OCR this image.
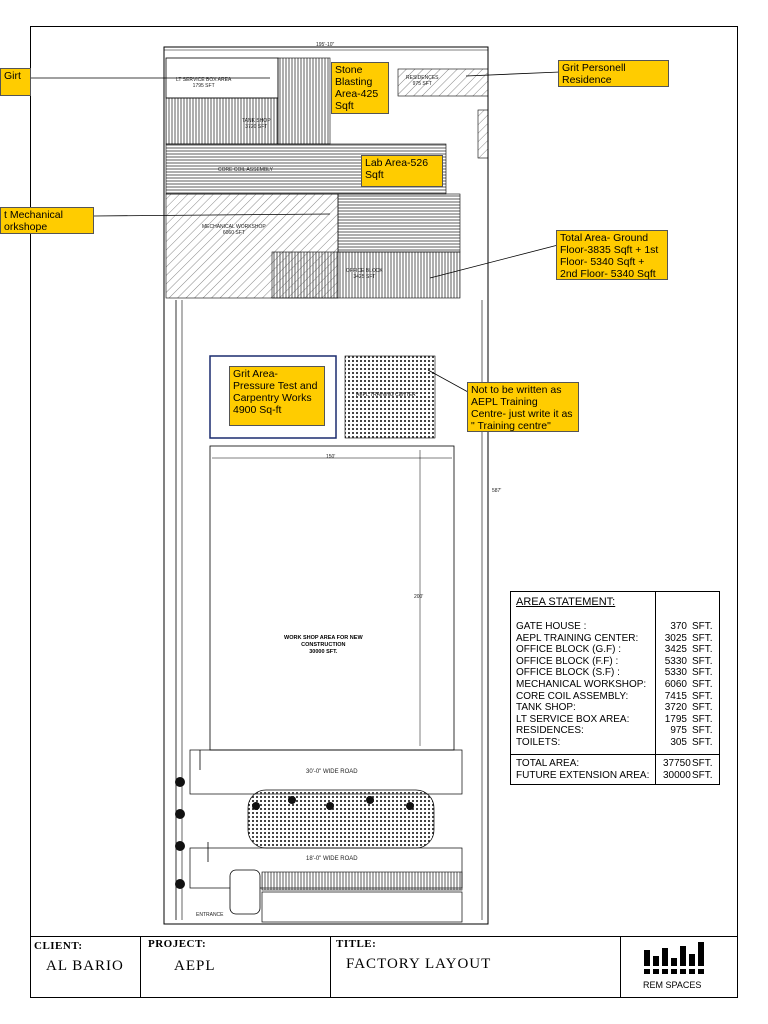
LT SERVICE BOX AREA
1795 SFT
RESIDENCES
975 SFT
TANK SHOP
3720 SFT
CORE COIL ASSEMBLY
MECHANICAL WORKSHOP
6060 SFT
OFFICE BLOCK
3425 SFT
AEPL TRAINING CENTER
WORK SHOP AREA FOR NEW
CONSTRUCTION
30000 SFT.
30'-0" WIDE ROAD
18'-0" WIDE ROAD
ENTRANCE
195'-10"
150'
200'
587'
Girt	Stone Blasting Area-425 Sqft
Grit Personell Residence
Lab Area-526 Sqft
t Mechanical orkshope
Total Area- Ground Floor-3835 Sqft + 1st Floor- 5340 Sqft + 2nd Floor- 5340 Sqft
Grit Area- Pressure Test and Carpentry Works 4900 Sq-ft
Not to be written as AEPL Training Centre- just write it as " Training centre"
AREA STATEMENT:
GATE HOUSE :	370 SFT.
AEPL TRAINING CENTER:	3025 SFT.
OFFICE BLOCK (G.F) :	3425 SFT.
OFFICE BLOCK (F.F) :	5330 SFT.
OFFICE BLOCK (S.F) :	5330 SFT.
MECHANICAL WORKSHOP: 6060 SFT.
CORE COIL ASSEMBLY:	7415 SFT.
TANK SHOP:	3720 SFT.
LT SERVICE BOX AREA:	1795 SFT.
RESIDENCES:	975 SFT.
TOILETS:	305 SFT.
TOTAL AREA:	37750 SFT.
FUTURE EXTENSION AREA: 30000 SFT.
CLIENT:
AL BARIO
PROJECT:
AEPL
TITLE:
FACTORY LAYOUT
REM SPACES
